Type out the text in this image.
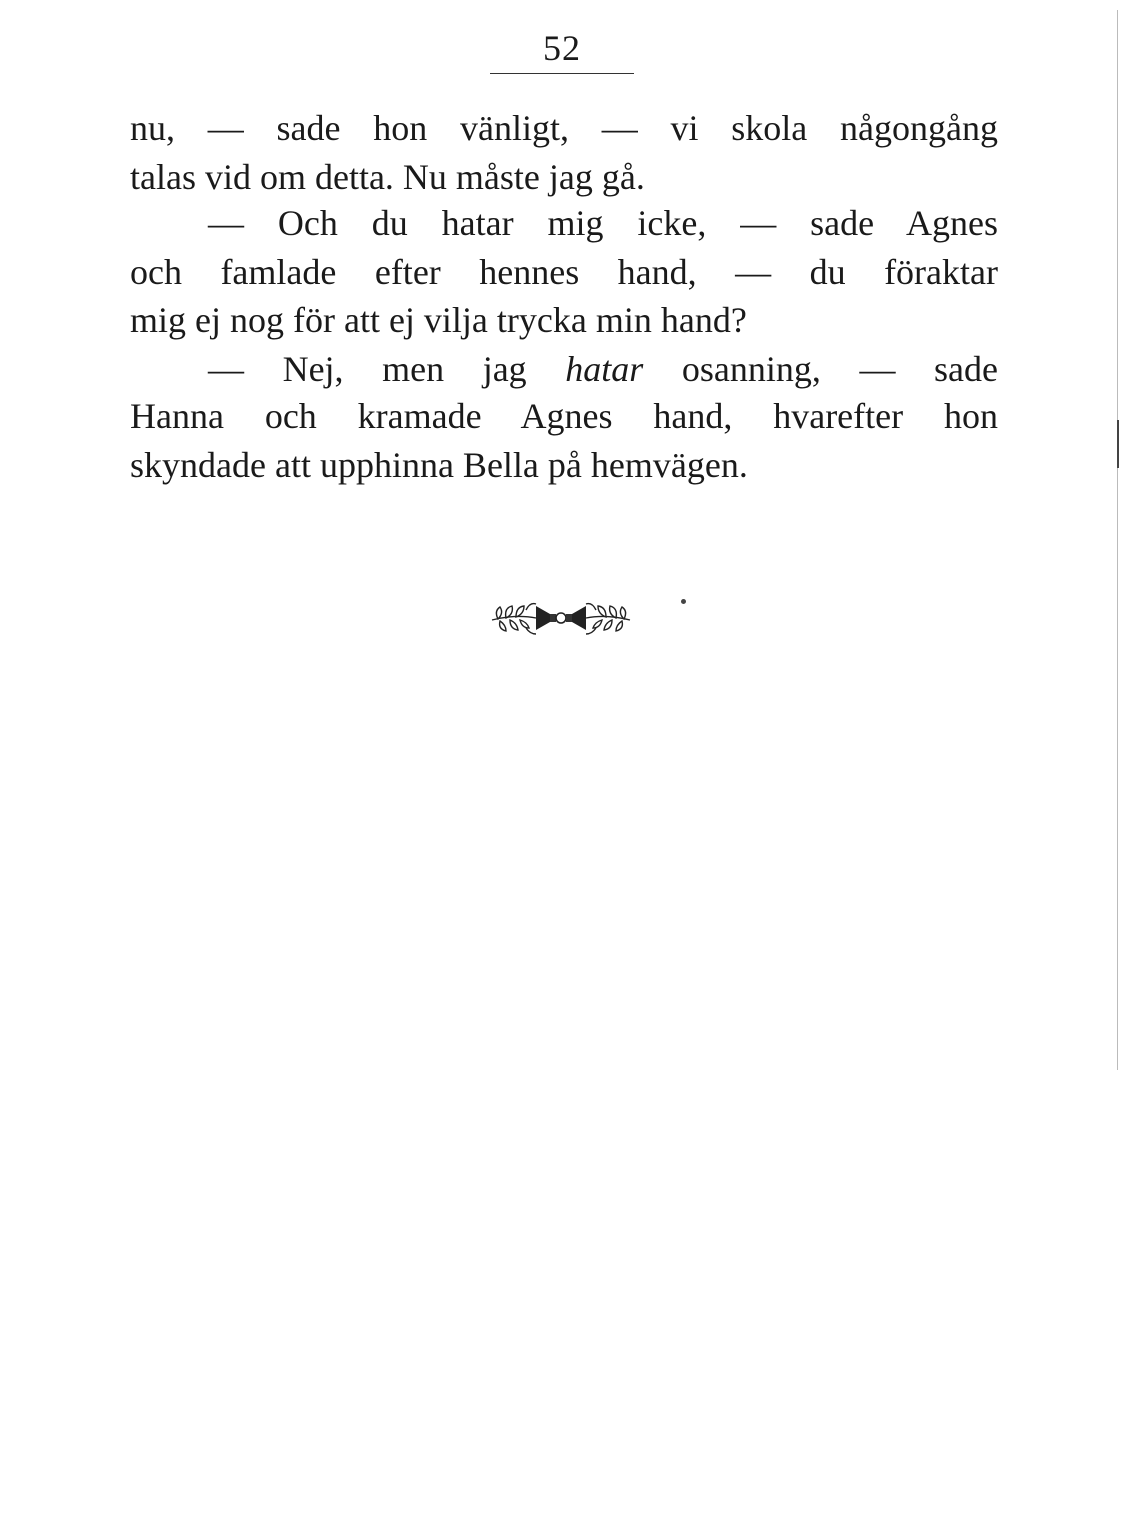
52
nu, — sade hon vänligt, — vi skola någongång
talas vid om detta. Nu måste jag gå.
— Och du hatar mig icke, — sade Agnes
och famlade efter hennes hand, — du föraktar
mig ej nog för att ej vilja trycka min hand?
— Nej, men jag hatar osanning, — sade
Hanna och kramade Agnes hand, hvarefter hon
skyndade att upphinna Bella på hemvägen.
